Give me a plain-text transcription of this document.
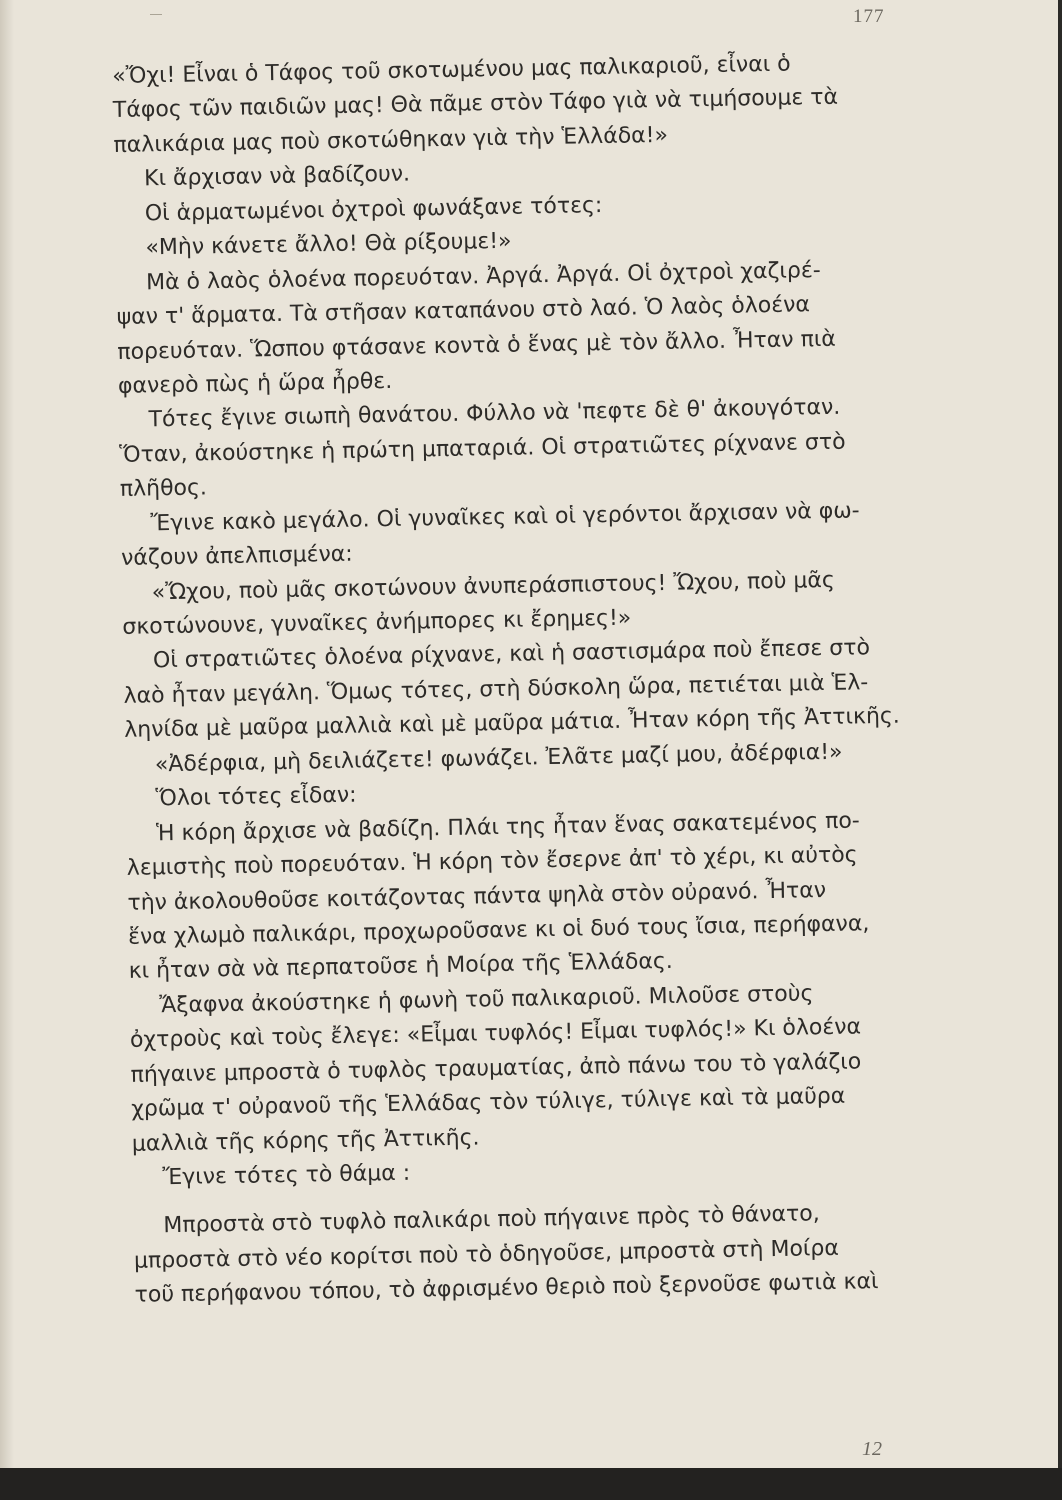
177
«Ὄχι! Εἶναι ὁ Τάφος τοῦ σκοτωμένου μας παλικαριοῦ, εἶναι ὁ
Τάφος τῶν παιδιῶν μας! Θὰ πᾶμε στὸν Τάφο γιὰ νὰ τιμήσουμε τὰ
παλικάρια μας ποὺ σκοτώθηκαν γιὰ τὴν Ἑλλάδα!»
Κι ἄρχισαν νὰ βαδίζουν.
Οἱ ἁρματωμένοι ὀχτροὶ φωνάξανε τότες:
«Μὴν κάνετε ἄλλο! Θὰ ρίξουμε!»
Μὰ ὁ λαὸς ὁλοένα πορευόταν. Ἀργά. Ἀργά. Οἱ ὀχτροὶ χαζιρέ-
ψαν τ' ἅρματα. Τὰ στῆσαν καταπάνου στὸ λαό. Ὁ λαὸς ὁλοένα
πορευόταν. Ὥσπου φτάσανε κοντὰ ὁ ἕνας μὲ τὸν ἄλλο. Ἦταν πιὰ
φανερὸ πὼς ἡ ὥρα ἦρθε.
Τότες ἔγινε σιωπὴ θανάτου. Φύλλο νὰ 'πεφτε δὲ θ' ἀκουγόταν.
Ὅταν, ἀκούστηκε ἡ πρώτη μπαταριά. Οἱ στρατιῶτες ρίχνανε στὸ
πλῆθος.
Ἔγινε κακὸ μεγάλο. Οἱ γυναῖκες καὶ οἱ γερόντοι ἄρχισαν νὰ φω-
νάζουν ἀπελπισμένα:
«Ὤχου, ποὺ μᾶς σκοτώνουν ἀνυπεράσπιστους! Ὤχου, ποὺ μᾶς
σκοτώνουνε, γυναῖκες ἀνήμπορες κι ἔρημες!»
Οἱ στρατιῶτες ὁλοένα ρίχνανε, καὶ ἡ σαστισμάρα ποὺ ἔπεσε στὸ
λαὸ ἦταν μεγάλη. Ὅμως τότες, στὴ δύσκολη ὥρα, πετιέται μιὰ Ἑλ-
ληνίδα μὲ μαῦρα μαλλιὰ καὶ μὲ μαῦρα μάτια. Ἦταν κόρη τῆς Ἀττικῆς.
«Ἀδέρφια, μὴ δειλιάζετε! φωνάζει. Ἐλᾶτε μαζί μου, ἀδέρφια!»
Ὅλοι τότες εἶδαν:
Ἡ κόρη ἄρχισε νὰ βαδίζη. Πλάι της ἦταν ἕνας σακατεμένος πο-
λεμιστὴς ποὺ πορευόταν. Ἡ κόρη τὸν ἔσερνε ἀπ' τὸ χέρι, κι αὐτὸς
τὴν ἀκολουθοῦσε κοιτάζοντας πάντα ψηλὰ στὸν οὐρανό. Ἦταν
ἕνα χλωμὸ παλικάρι, προχωροῦσανε κι οἱ δυό τους ἴσια, περήφανα,
κι ἦταν σὰ νὰ περπατοῦσε ἡ Μοίρα τῆς Ἑλλάδας.
Ἄξαφνα ἀκούστηκε ἡ φωνὴ τοῦ παλικαριοῦ. Μιλοῦσε στοὺς
ὀχτροὺς καὶ τοὺς ἔλεγε: «Εἶμαι τυφλός! Εἶμαι τυφλός!» Κι ὁλοένα
πήγαινε μπροστὰ ὁ τυφλὸς τραυματίας, ἀπὸ πάνω του τὸ γαλάζιο
χρῶμα τ' οὐρανοῦ τῆς Ἑλλάδας τὸν τύλιγε, τύλιγε καὶ τὰ μαῦρα
μαλλιὰ τῆς κόρης τῆς Ἀττικῆς.
Ἔγινε τότες τὸ θάμα :
Μπροστὰ στὸ τυφλὸ παλικάρι ποὺ πήγαινε πρὸς τὸ θάνατο,
μπροστὰ στὸ νέο κορίτσι ποὺ τὸ ὁδηγοῦσε, μπροστὰ στὴ Μοίρα
τοῦ περήφανου τόπου, τὸ ἀφρισμένο θεριὸ ποὺ ξερνοῦσε φωτιὰ καὶ
12
